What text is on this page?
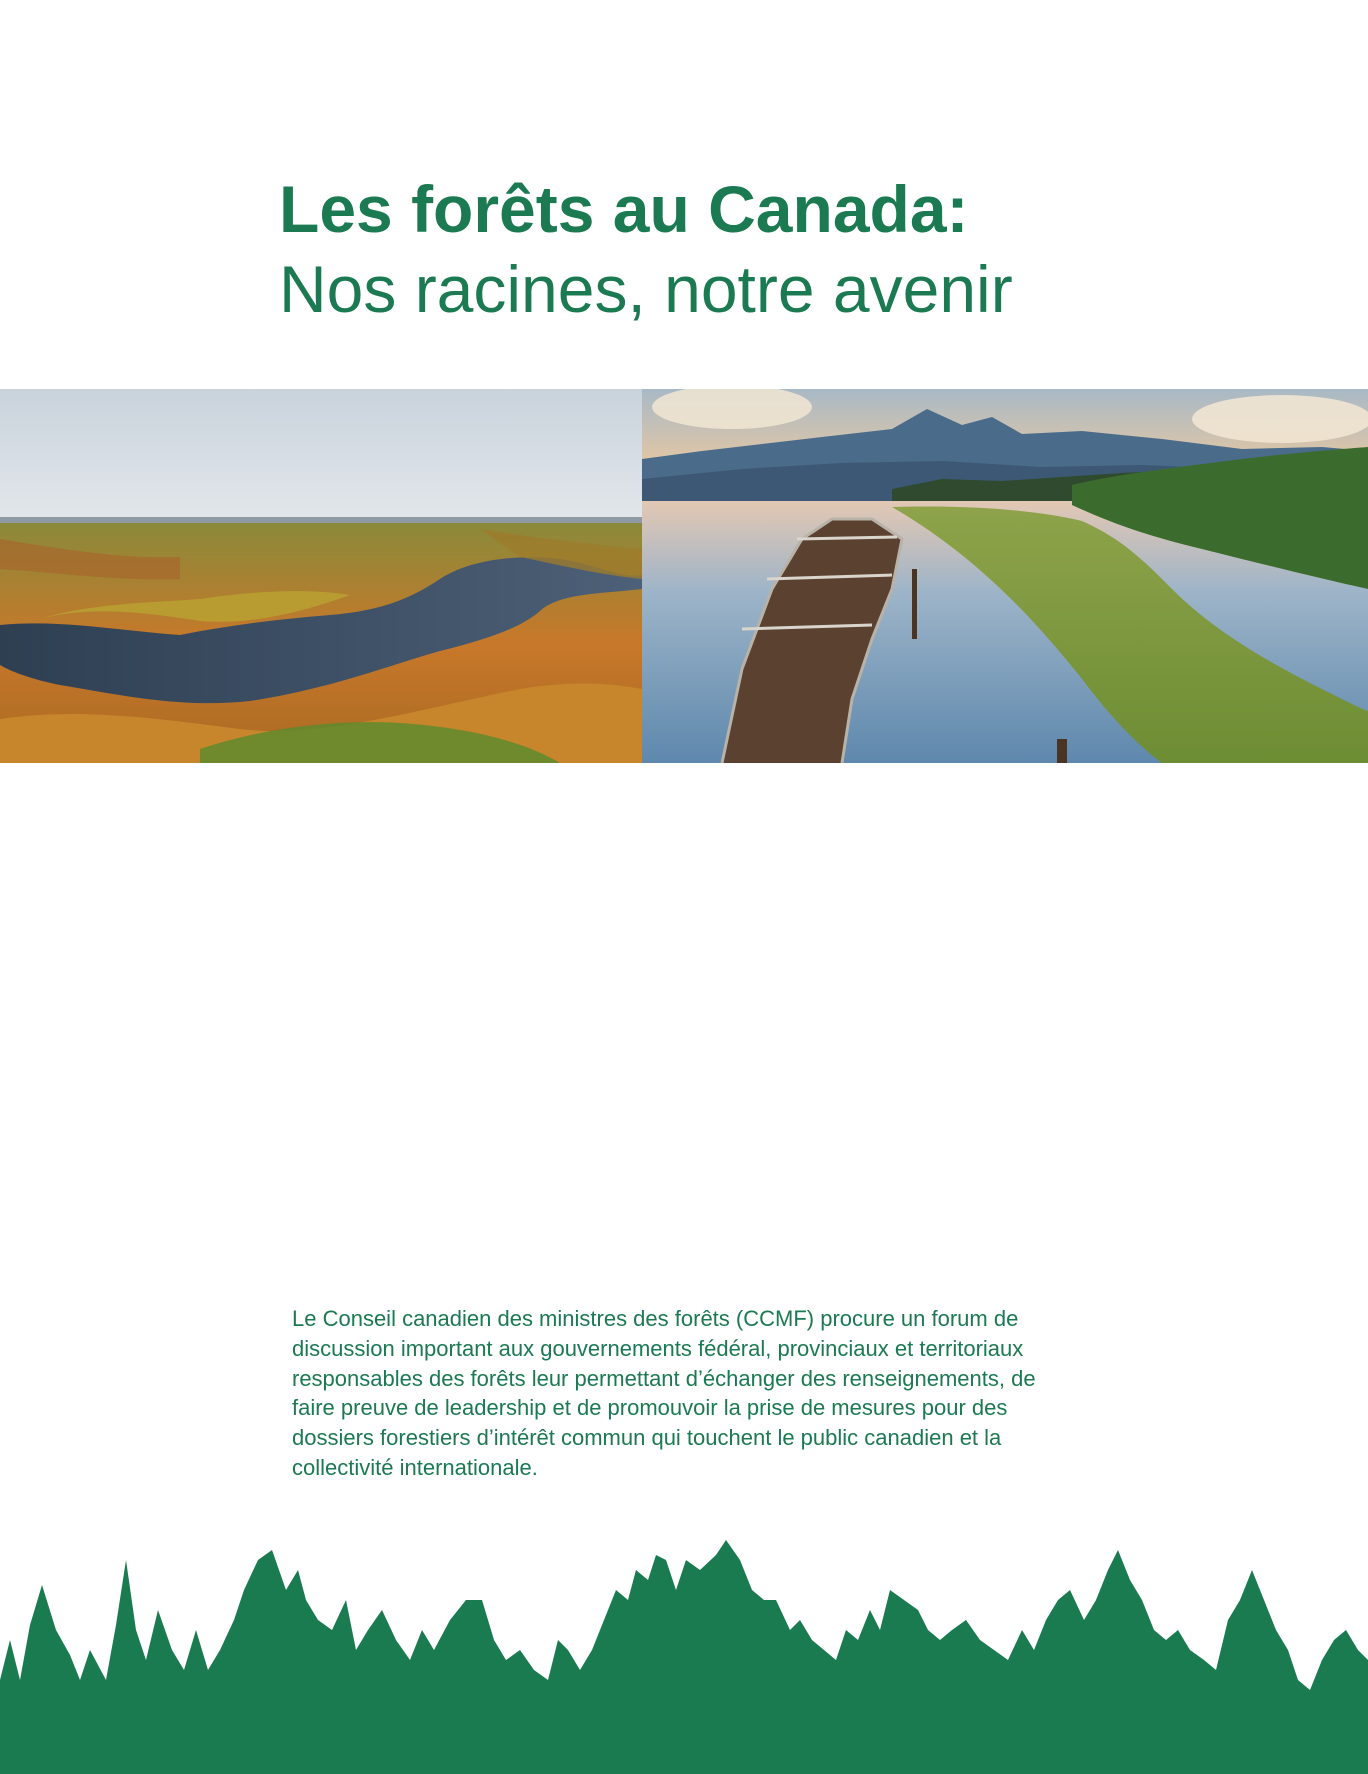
Les forêts au Canada:
Nos racines, notre avenir
Le Conseil canadien des ministres des forêts (CCMF) procure un forum de discussion important aux gouvernements fédéral, provinciaux et territoriaux responsables des forêts leur permettant d’échanger des renseignements, de faire preuve de leadership et de promouvoir la prise de mesures pour des dossiers forestiers d’intérêt commun qui touchent le public canadien et la collectivité internationale.
